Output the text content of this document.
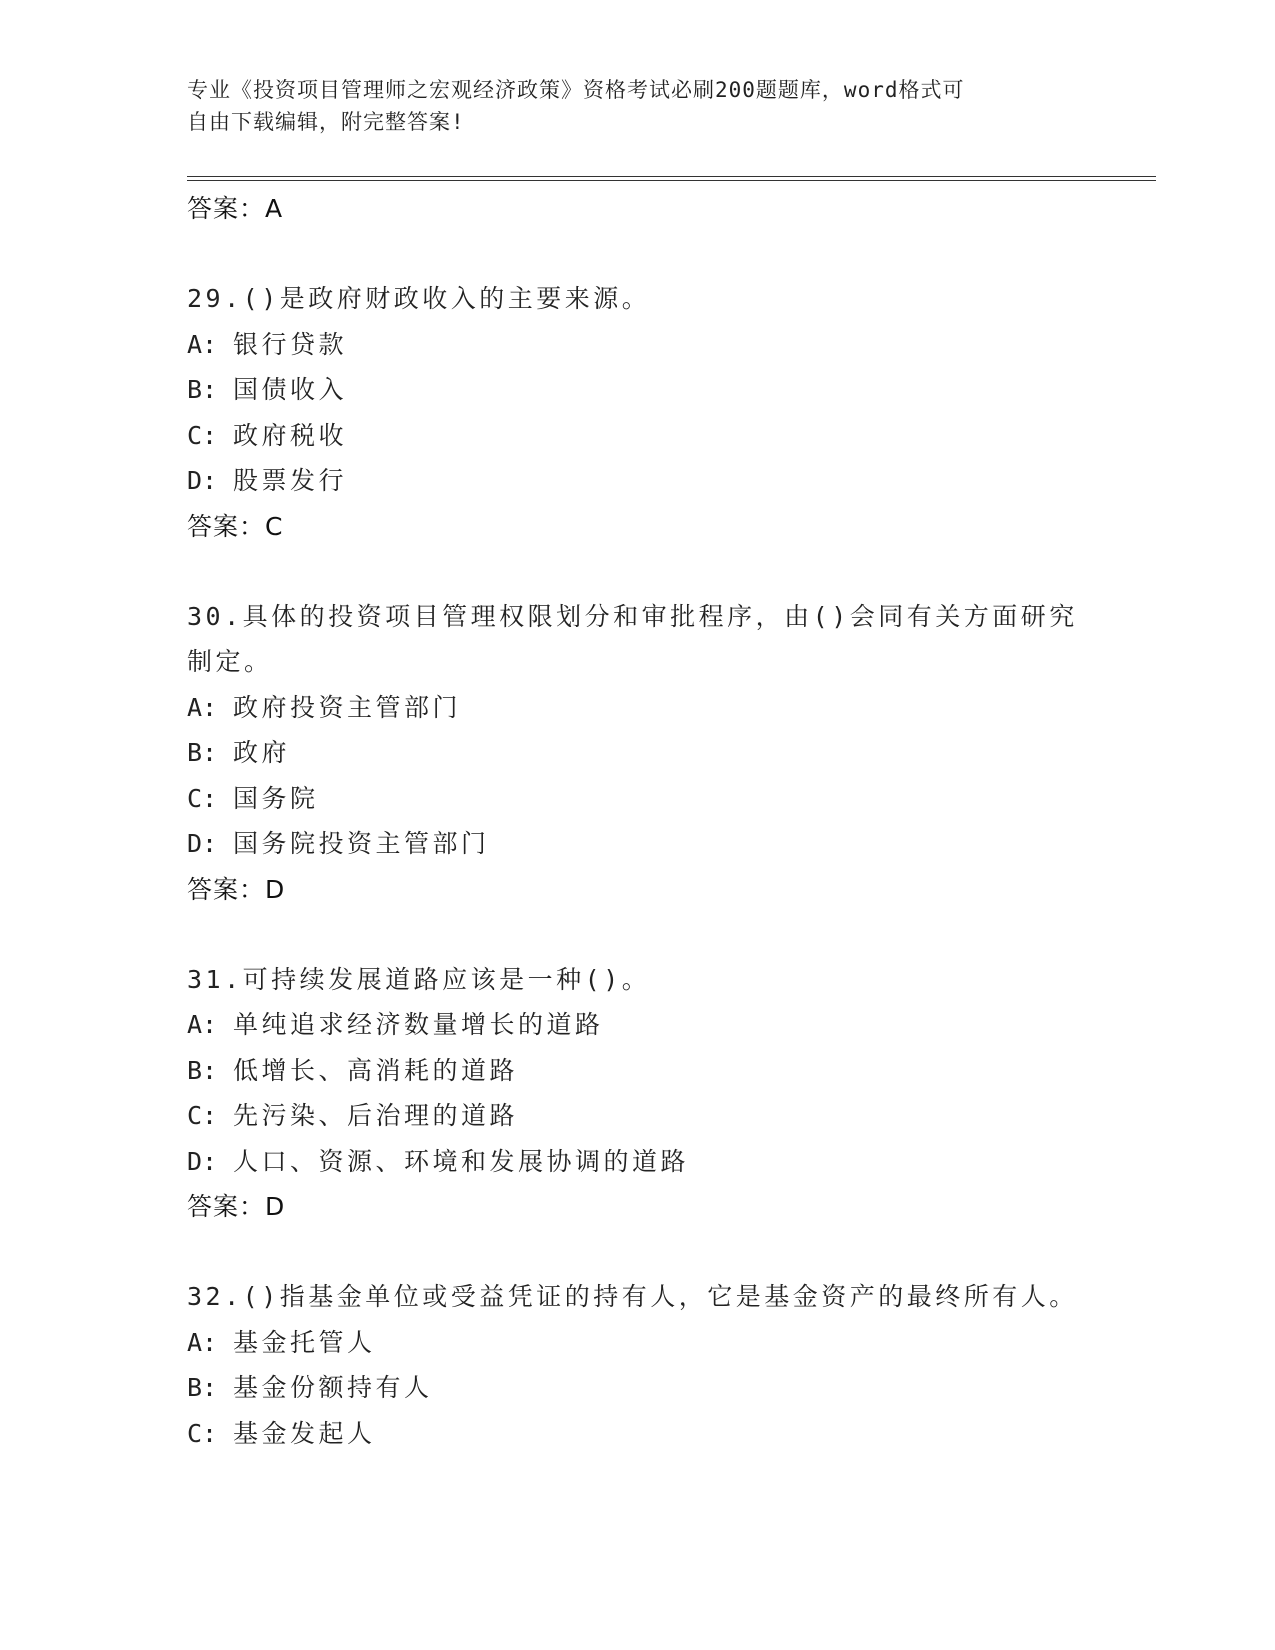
专业《投资项目管理师之宏观经济政策》资格考试必刷200题题库，word格式可
自由下载编辑，附完整答案!
答案：A
29.()是政府财政收入的主要来源。
A: 银行贷款
B: 国债收入
C: 政府税收
D: 股票发行
答案：C
30.具体的投资项目管理权限划分和审批程序，由()会同有关方面研究
制定。
A: 政府投资主管部门
B: 政府
C: 国务院
D: 国务院投资主管部门
答案：D
31.可持续发展道路应该是一种()。
A: 单纯追求经济数量增长的道路
B: 低增长、高消耗的道路
C: 先污染、后治理的道路
D: 人口、资源、环境和发展协调的道路
答案：D
32.()指基金单位或受益凭证的持有人，它是基金资产的最终所有人。
A: 基金托管人
B: 基金份额持有人
C: 基金发起人
